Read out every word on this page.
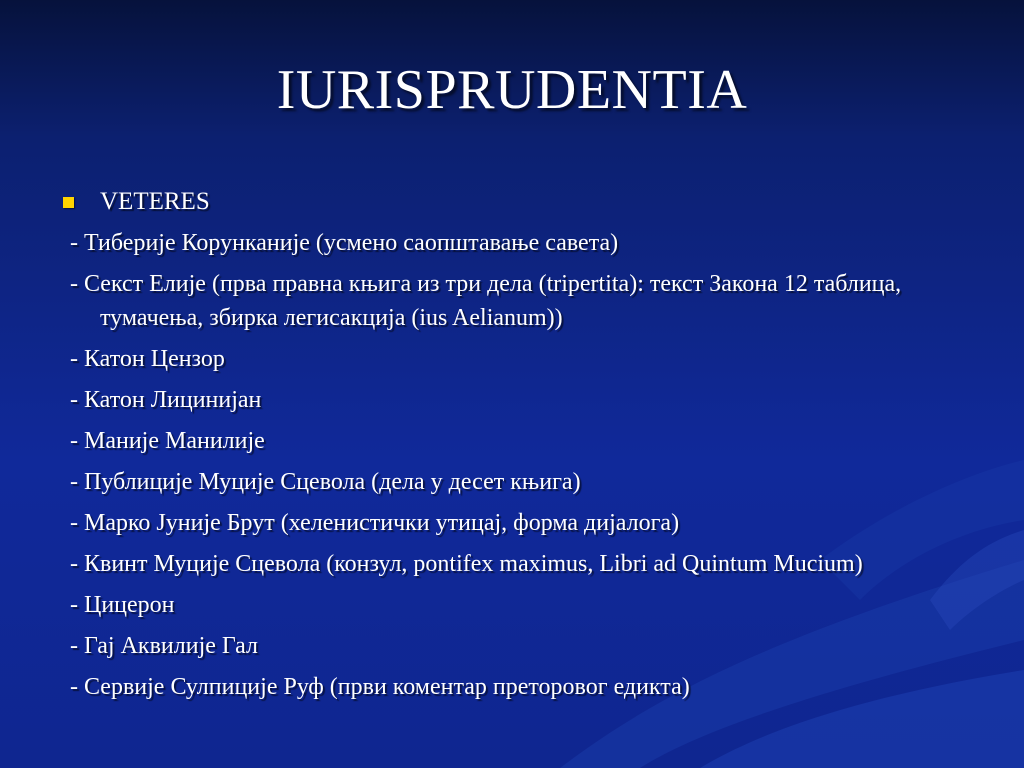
IURISPRUDENTIA
VETERES
- Тиберије Корунканије (усмено саопштавање савета)
- Секст Елије (прва правна књига из три дела (tripertita): текст Закона 12 таблица, тумачења, збирка легисакција (ius Aelianum))
- Катон Цензор
- Катон Лицинијан
- Маније Манилије
- Публиције Муције Сцевола (дела у десет књига)
- Марко Јуније Брут (хеленистички утицај, форма дијалога)
- Квинт Муције Сцевола (конзул, pontifex maximus, Libri ad Quintum Mucium)
- Цицерон
- Гај Аквилије Гал
- Сервије Сулпиције Руф (први коментар преторовог едикта)
